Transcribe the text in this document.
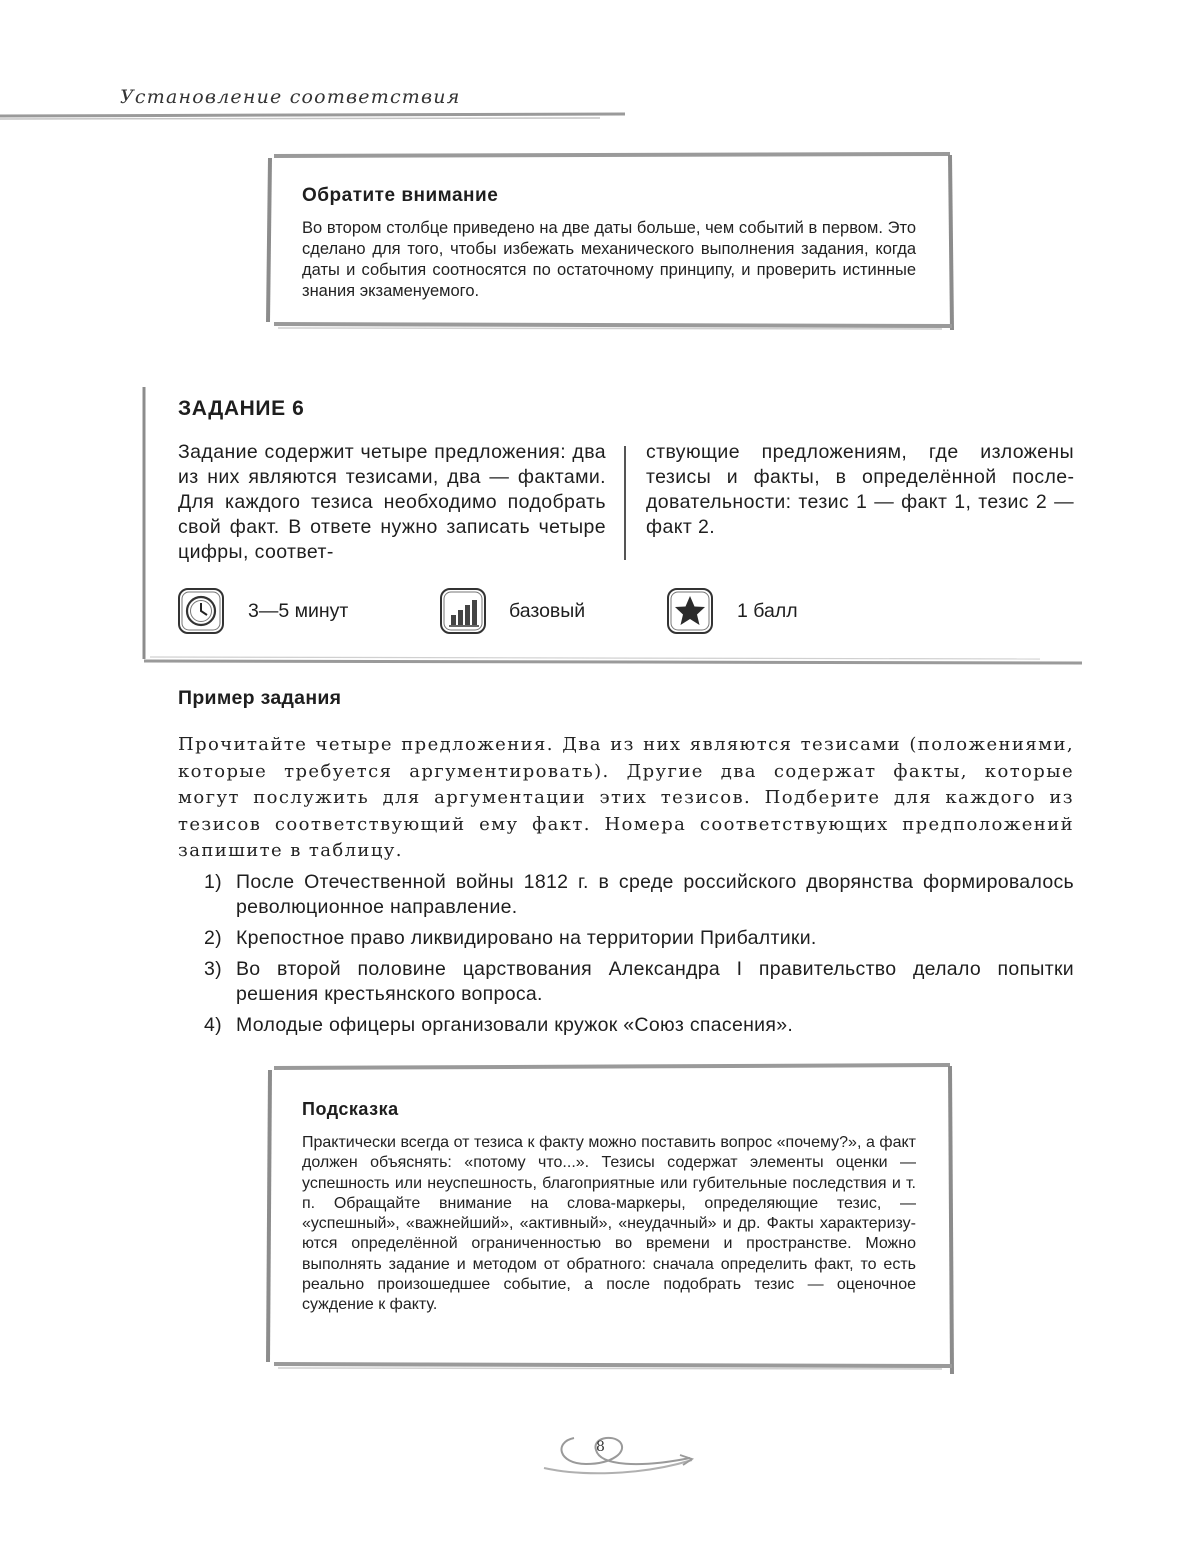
Установление соответствия
Обратите внимание

Во втором столбце приведено на две даты больше, чем событий в первом. Это сделано для того, чтобы избежать механического выполнения задания, когда даты и события соотносятся по остаточному принципу, и проверить истинные знания экзаменуемого.

ЗАДАНИЕ 6

Задание содержит четыре предложения: два из них являются тезисами, два — фактами. Для каждого тезиса необходимо подобрать свой факт. В ответе нужно записать четыре цифры, соответ-

ствующие предложениям, где изложены тезисы и факты, в определённой последовательности: тезис 1 — факт 1, тезис 2 — факт 2.

3—5 минут	базовый	1 балл
Пример задания

Прочитайте четыре предложения. Два из них являются тезисами (положениями, которые требуется аргументировать). Другие два содержат факты, которые могут послужить для аргументации этих тезисов. Подберите для каждого из тезисов соответствующий ему факт. Номера соответствующих предположений запишите в таблицу.

1) После Отечественной войны 1812 г. в среде российского дворянства формировалось революционное направление.
2) Крепостное право ликвидировано на территории Прибалтики.
3) Во второй половине царствования Александра I правительство делало попытки решения крестьянского вопроса.
4) Молодые офицеры организовали кружок «Союз спасения».
Подсказка

Практически всегда от тезиса к факту можно поставить вопрос «почему?», а факт должен объяснять: «потому что...». Тезисы содержат элементы оценки — успешность или неуспешность, благоприятные или губительные последствия и т. п. Обращайте внимание на слова-маркеры, определяющие тезис, — «успешный», «важнейший», «активный», «неудачный» и др. Факты характеризуются определённой ограниченностью во времени и пространстве. Можно выполнять задание и методом от обратного: сначала определить факт, то есть реально произошедшее событие, а после подобрать тезис — оценочное суждение к факту.

8
